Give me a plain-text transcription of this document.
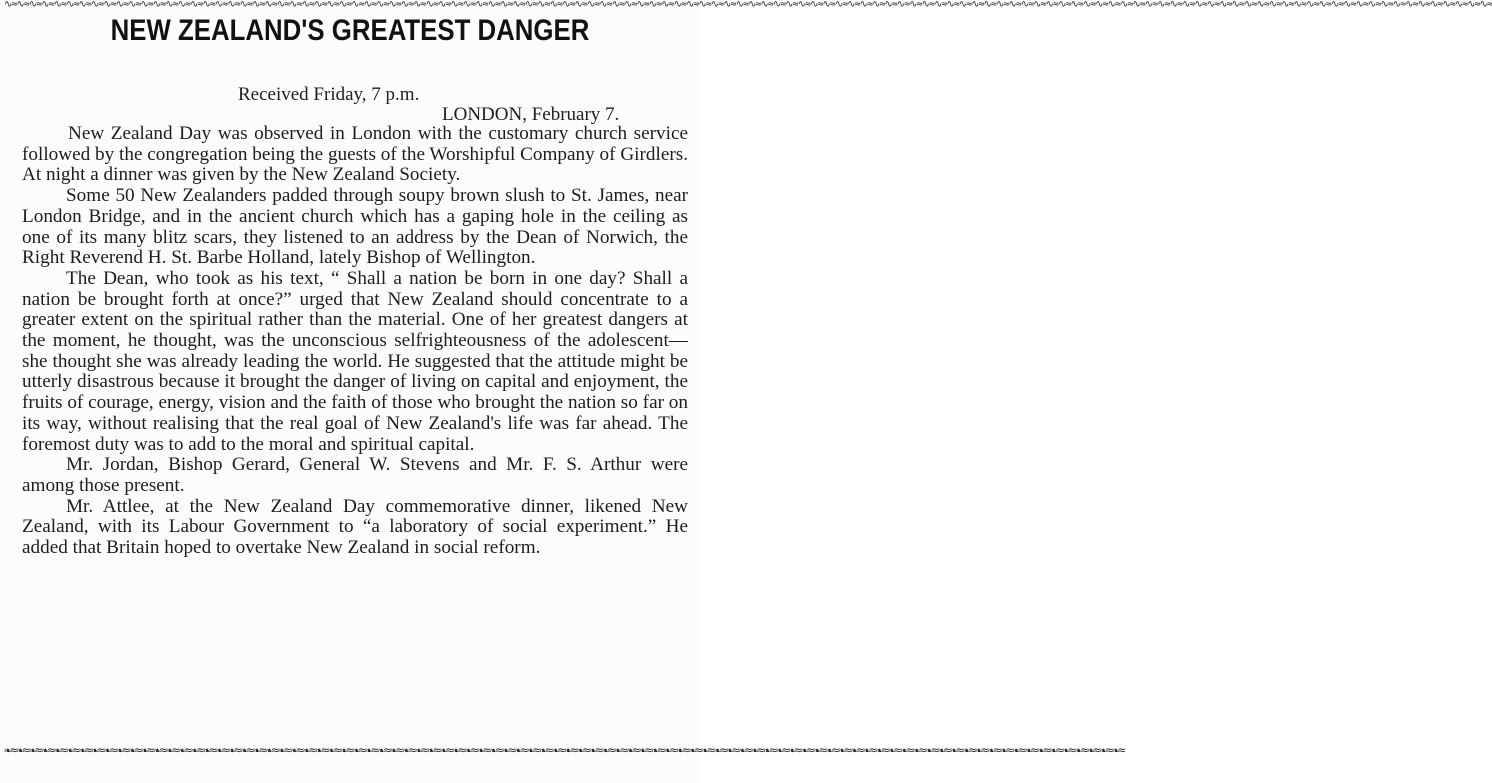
∿≈∿≈∿≈∿≈∿≈∿≈∿≈∿≈∿≈∿≈∿≈∿≈∿≈∿≈∿≈∿≈∿≈∿≈∿≈∿≈∿≈∿≈∿≈∿≈∿≈∿≈∿≈∿≈∿≈∿≈∿≈∿≈∿≈∿≈∿≈∿≈∿≈∿≈∿≈∿≈∿≈∿≈∿≈∿≈∿≈∿≈∿≈∿≈∿≈∿≈∿≈∿≈∿≈∿≈∿≈∿≈∿≈∿≈∿≈∿≈∿≈∿≈∿≈∿≈∿≈∿≈∿≈∿≈∿≈∿≈∿≈∿≈∿≈∿≈∿≈∿≈∿≈∿≈∿≈∿≈∿≈∿≈∿≈∿≈∿≈∿≈∿≈∿≈∿≈∿≈∿≈∿≈∿≈∿≈∿≈∿≈∿≈∿≈∿≈∿≈∿≈∿≈∿≈∿≈∿≈∿≈∿≈∿≈∿≈∿≈∿≈∿≈∿≈∿≈∿≈∿≈∿≈∿≈∿≈∿≈
NEW ZEALAND'S GREATEST DANGER
Received Friday, 7 p.m.
LONDON, February 7.

New Zealand Day was observed in London with the customary church service followed by the congregation being the guests of the Worshipful Company of Girdlers. At night a dinner was given by the New Zealand Society.

Some 50 New Zealanders padded through soupy brown slush to St. James, near London Bridge, and in the ancient church which has a gaping hole in the ceiling as one of its many blitz scars, they listened to an address by the Dean of Norwich, the Right Reverend H. St. Barbe Holland, lately Bishop of Wellington.

The Dean, who took as his text, “ Shall a nation be born in one day? Shall a nation be brought forth at once?” urged that New Zealand should concentrate to a greater extent on the spiritual rather than the material. One of her greatest dangers at the moment, he thought, was the unconscious selfrighteousness of the adolescent—she thought she was already leading the world. He suggested that the attitude might be utterly disastrous because it brought the danger of living on capital and enjoyment, the fruits of courage, energy, vision and the faith of those who brought the nation so far on its way, without realising that the real goal of New Zealand's life was far ahead. The foremost duty was to add to the moral and spiritual capital.

Mr. Jordan, Bishop Gerard, General W. Stevens and Mr. F. S. Arthur were among those present.

Mr. Attlee, at the New Zealand Day commemorative dinner, likened New Zealand, with its Labour Government to “a laboratory of social experiment.” He added that Britain hoped to overtake New Zealand in social reform.

❧≈❧≈❧≈❧≈❧≈❧≈❧≈❧≈❧≈❧≈❧≈❧≈❧≈❧≈❧≈❧≈❧≈❧≈❧≈❧≈❧≈❧≈❧≈❧≈❧≈❧≈❧≈❧≈❧≈❧≈❧≈❧≈❧≈❧≈❧≈❧≈❧≈❧≈❧≈❧≈❧≈❧≈❧≈❧≈❧≈❧≈❧≈❧≈❧≈❧≈❧≈❧≈❧≈❧≈❧≈❧≈❧≈❧≈❧≈❧≈❧≈❧≈❧≈❧≈❧≈❧≈❧≈❧≈❧≈❧≈❧≈❧≈❧≈❧≈❧≈❧≈❧≈❧≈❧≈❧≈❧≈❧≈❧≈❧≈❧≈❧≈❧≈❧≈❧≈❧≈
